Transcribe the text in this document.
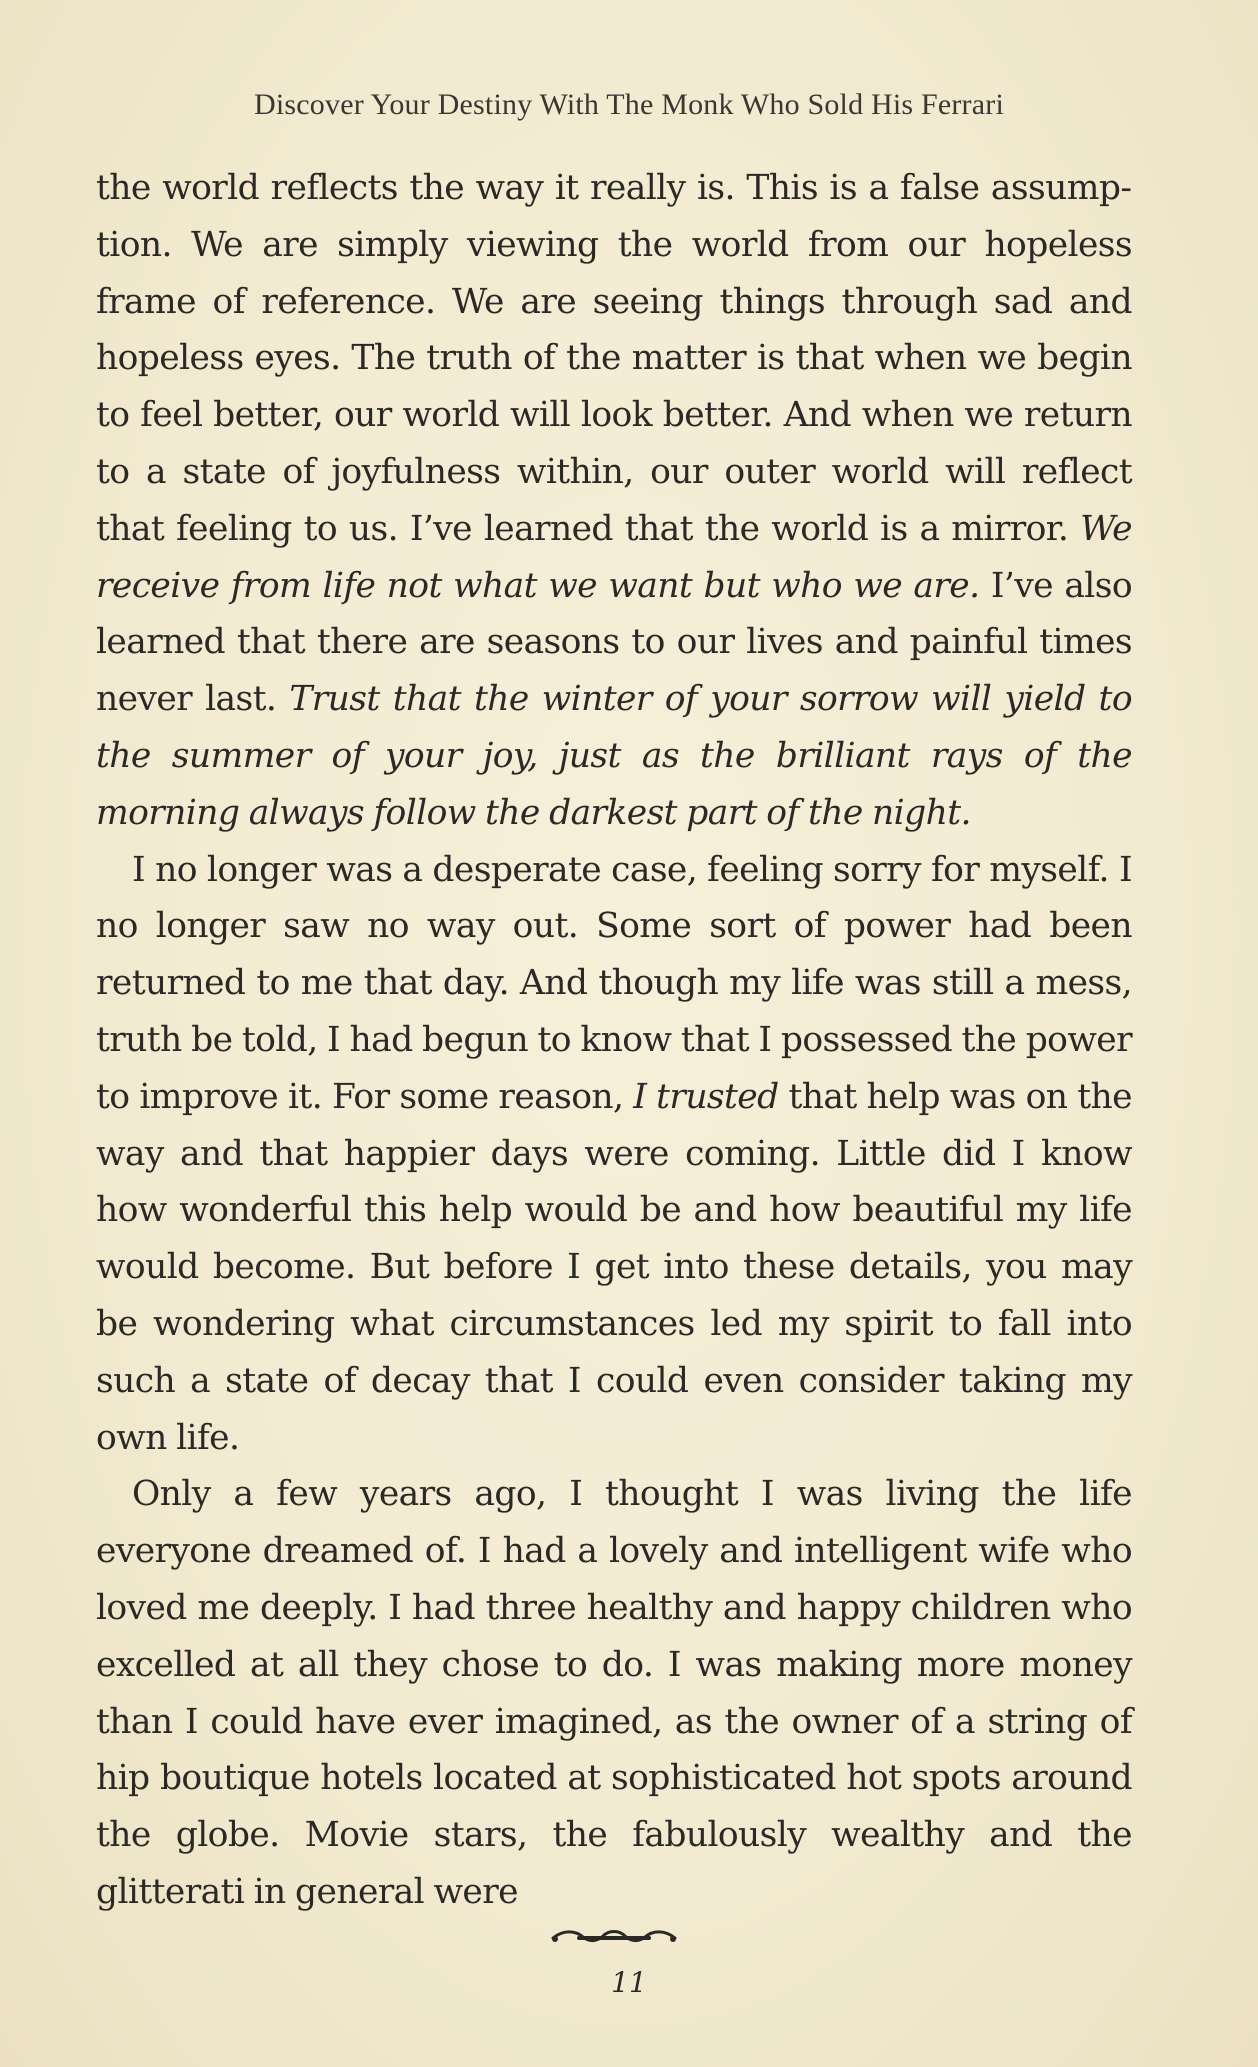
Discover Your Destiny With The Monk Who Sold His Ferrari

the world reflects the way it really is. This is a false assumption. We are simply viewing the world from our hopeless frame of reference. We are seeing things through sad and hopeless eyes. The truth of the matter is that when we begin to feel better, our world will look better. And when we return to a state of joyfulness within, our outer world will reflect that feeling to us. I’ve learned that the world is a mirror. We receive from life not what we want but who we are. I’ve also learned that there are seasons to our lives and painful times never last. Trust that the winter of your sorrow will yield to the summer of your joy, just as the brilliant rays of the morning always follow the darkest part of the night.

I no longer was a desperate case, feeling sorry for myself. I no longer saw no way out. Some sort of power had been returned to me that day. And though my life was still a mess, truth be told, I had begun to know that I possessed the power to improve it. For some reason, I trusted that help was on the way and that happier days were coming. Little did I know how wonderful this help would be and how beautiful my life would become. But before I get into these details, you may be wondering what circumstances led my spirit to fall into such a state of decay that I could even consider taking my own life.

Only a few years ago, I thought I was living the life everyone dreamed of. I had a lovely and intelligent wife who loved me deeply. I had three healthy and happy children who excelled at all they chose to do. I was making more money than I could have ever imagined, as the owner of a string of hip boutique hotels located at sophisticated hot spots around the globe. Movie stars, the fabulously wealthy and the glitterati in general were

11
